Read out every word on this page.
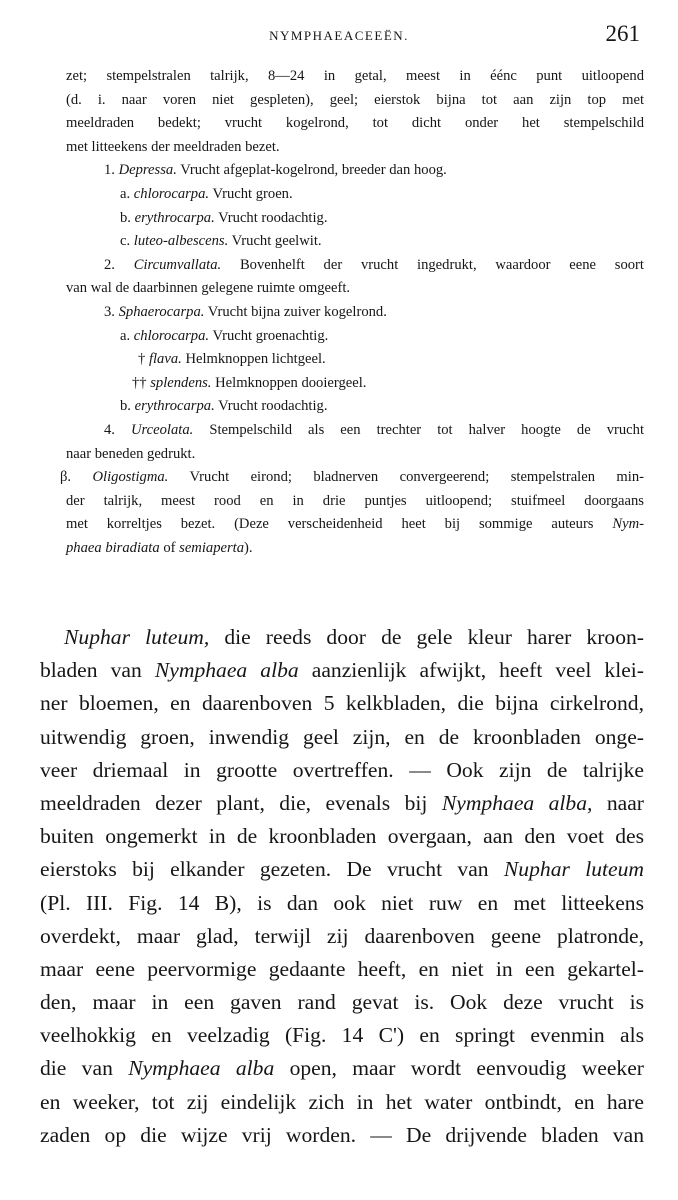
NYMPHAEACEEËN.	261
zet; stempelstralen talrijk, 8—24 in getal, meest in éénc punt uitloopend
(d. i. naar voren niet gespleten), geel; eierstok bijna tot aan zijn top met
meeldraden bedekt; vrucht kogelrond, tot dicht onder het stempelschild
met litteekens der meeldraden bezet.
1. Depressa. Vrucht afgeplat-kogelrond, breeder dan hoog.
a. chlorocarpa. Vrucht groen.
b. erythrocarpa. Vrucht roodachtig.
c. luteo-albescens. Vrucht geelwit.
2. Circumvallata. Bovenhelft der vrucht ingedrukt, waardoor eene soort
van wal de daarbinnen gelegene ruimte omgeeft.
3. Sphaerocarpa. Vrucht bijna zuiver kogelrond.
a. chlorocarpa. Vrucht groenachtig.
† flava. Helmknoppen lichtgeel.
†† splendens. Helmknoppen dooiergeel.
b. erythrocarpa. Vrucht roodachtig.
4. Urceolata. Stempelschild als een trechter tot halver hoogte de vrucht
naar beneden gedrukt.
β. Oligostigma. Vrucht eirond; bladnerven convergeerend; stempelstralen min-
der talrijk, meest rood en in drie puntjes uitloopend; stuifmeel doorgaans
met korreltjes bezet. (Deze verscheidenheid heet bij sommige auteurs Nym-
phaea biradiata of semiaperta).
Nuphar luteum, die reeds door de gele kleur harer kroon-
bladen van Nymphaea alba aanzienlijk afwijkt, heeft veel klei-
ner bloemen, en daarenboven 5 kelkbladen, die bijna cirkelrond,
uitwendig groen, inwendig geel zijn, en de kroonbladen onge-
veer driemaal in grootte overtreffen. — Ook zijn de talrijke
meeldraden dezer plant, die, evenals bij Nymphaea alba, naar
buiten ongemerkt in de kroonbladen overgaan, aan den voet des
eierstoks bij elkander gezeten. De vrucht van Nuphar luteum
(Pl. III. Fig. 14 B), is dan ook niet ruw en met litteekens
overdekt, maar glad, terwijl zij daarenboven geene platronde,
maar eene peervormige gedaante heeft, en niet in een gekartel-
den, maar in een gaven rand gevat is. Ook deze vrucht is
veelhokkig en veelzadig (Fig. 14 C') en springt evenmin als
die van Nymphaea alba open, maar wordt eenvoudig weeker
en weeker, tot zij eindelijk zich in het water ontbindt, en hare
zaden op die wijze vrij worden. — De drijvende bladen van
